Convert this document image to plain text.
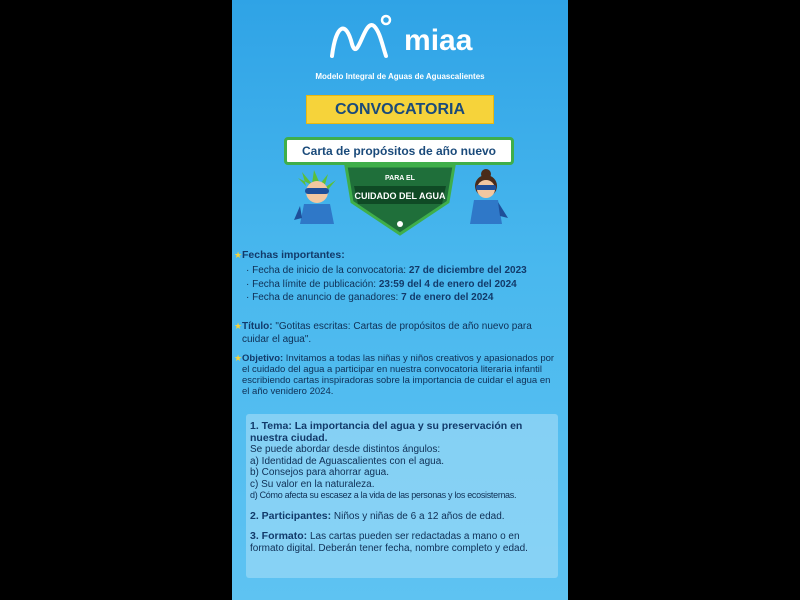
miaa
Modelo Integral de Aguas de Aguascalientes
CONVOCATORIA
Carta de propósitos de año nuevo
PARA EL
CUIDADO DEL AGUA
★ Fechas importantes:
· Fecha de inicio de la convocatoria: 27 de diciembre del 2023
· Fecha límite de publicación: 23:59 del 4 de enero del 2024
· Fecha de anuncio de ganadores: 7 de enero del 2024
★ Título: "Gotitas escritas: Cartas de propósitos de año nuevo para cuidar el agua".
★ Objetivo: Invitamos a todas las niñas y niños creativos y apasionados por el cuidado del agua a participar en nuestra convocatoria literaria infantil escribiendo cartas inspiradoras sobre la importancia de cuidar el agua en el año venidero 2024.

1. Tema: La importancia del agua y su preservación en nuestra ciudad.

Se puede abordar desde distintos ángulos:

a) Identidad de Aguascalientes con el agua.

b) Consejos para ahorrar agua.

c) Su valor en la naturaleza.

d) Cómo afecta su escasez a la vida de las personas y los ecosistemas.

2. Participantes: Niños y niñas de 6 a 12 años de edad.

3. Formato: Las cartas pueden ser redactadas a mano o en formato digital. Deberán tener fecha, nombre completo y edad.
